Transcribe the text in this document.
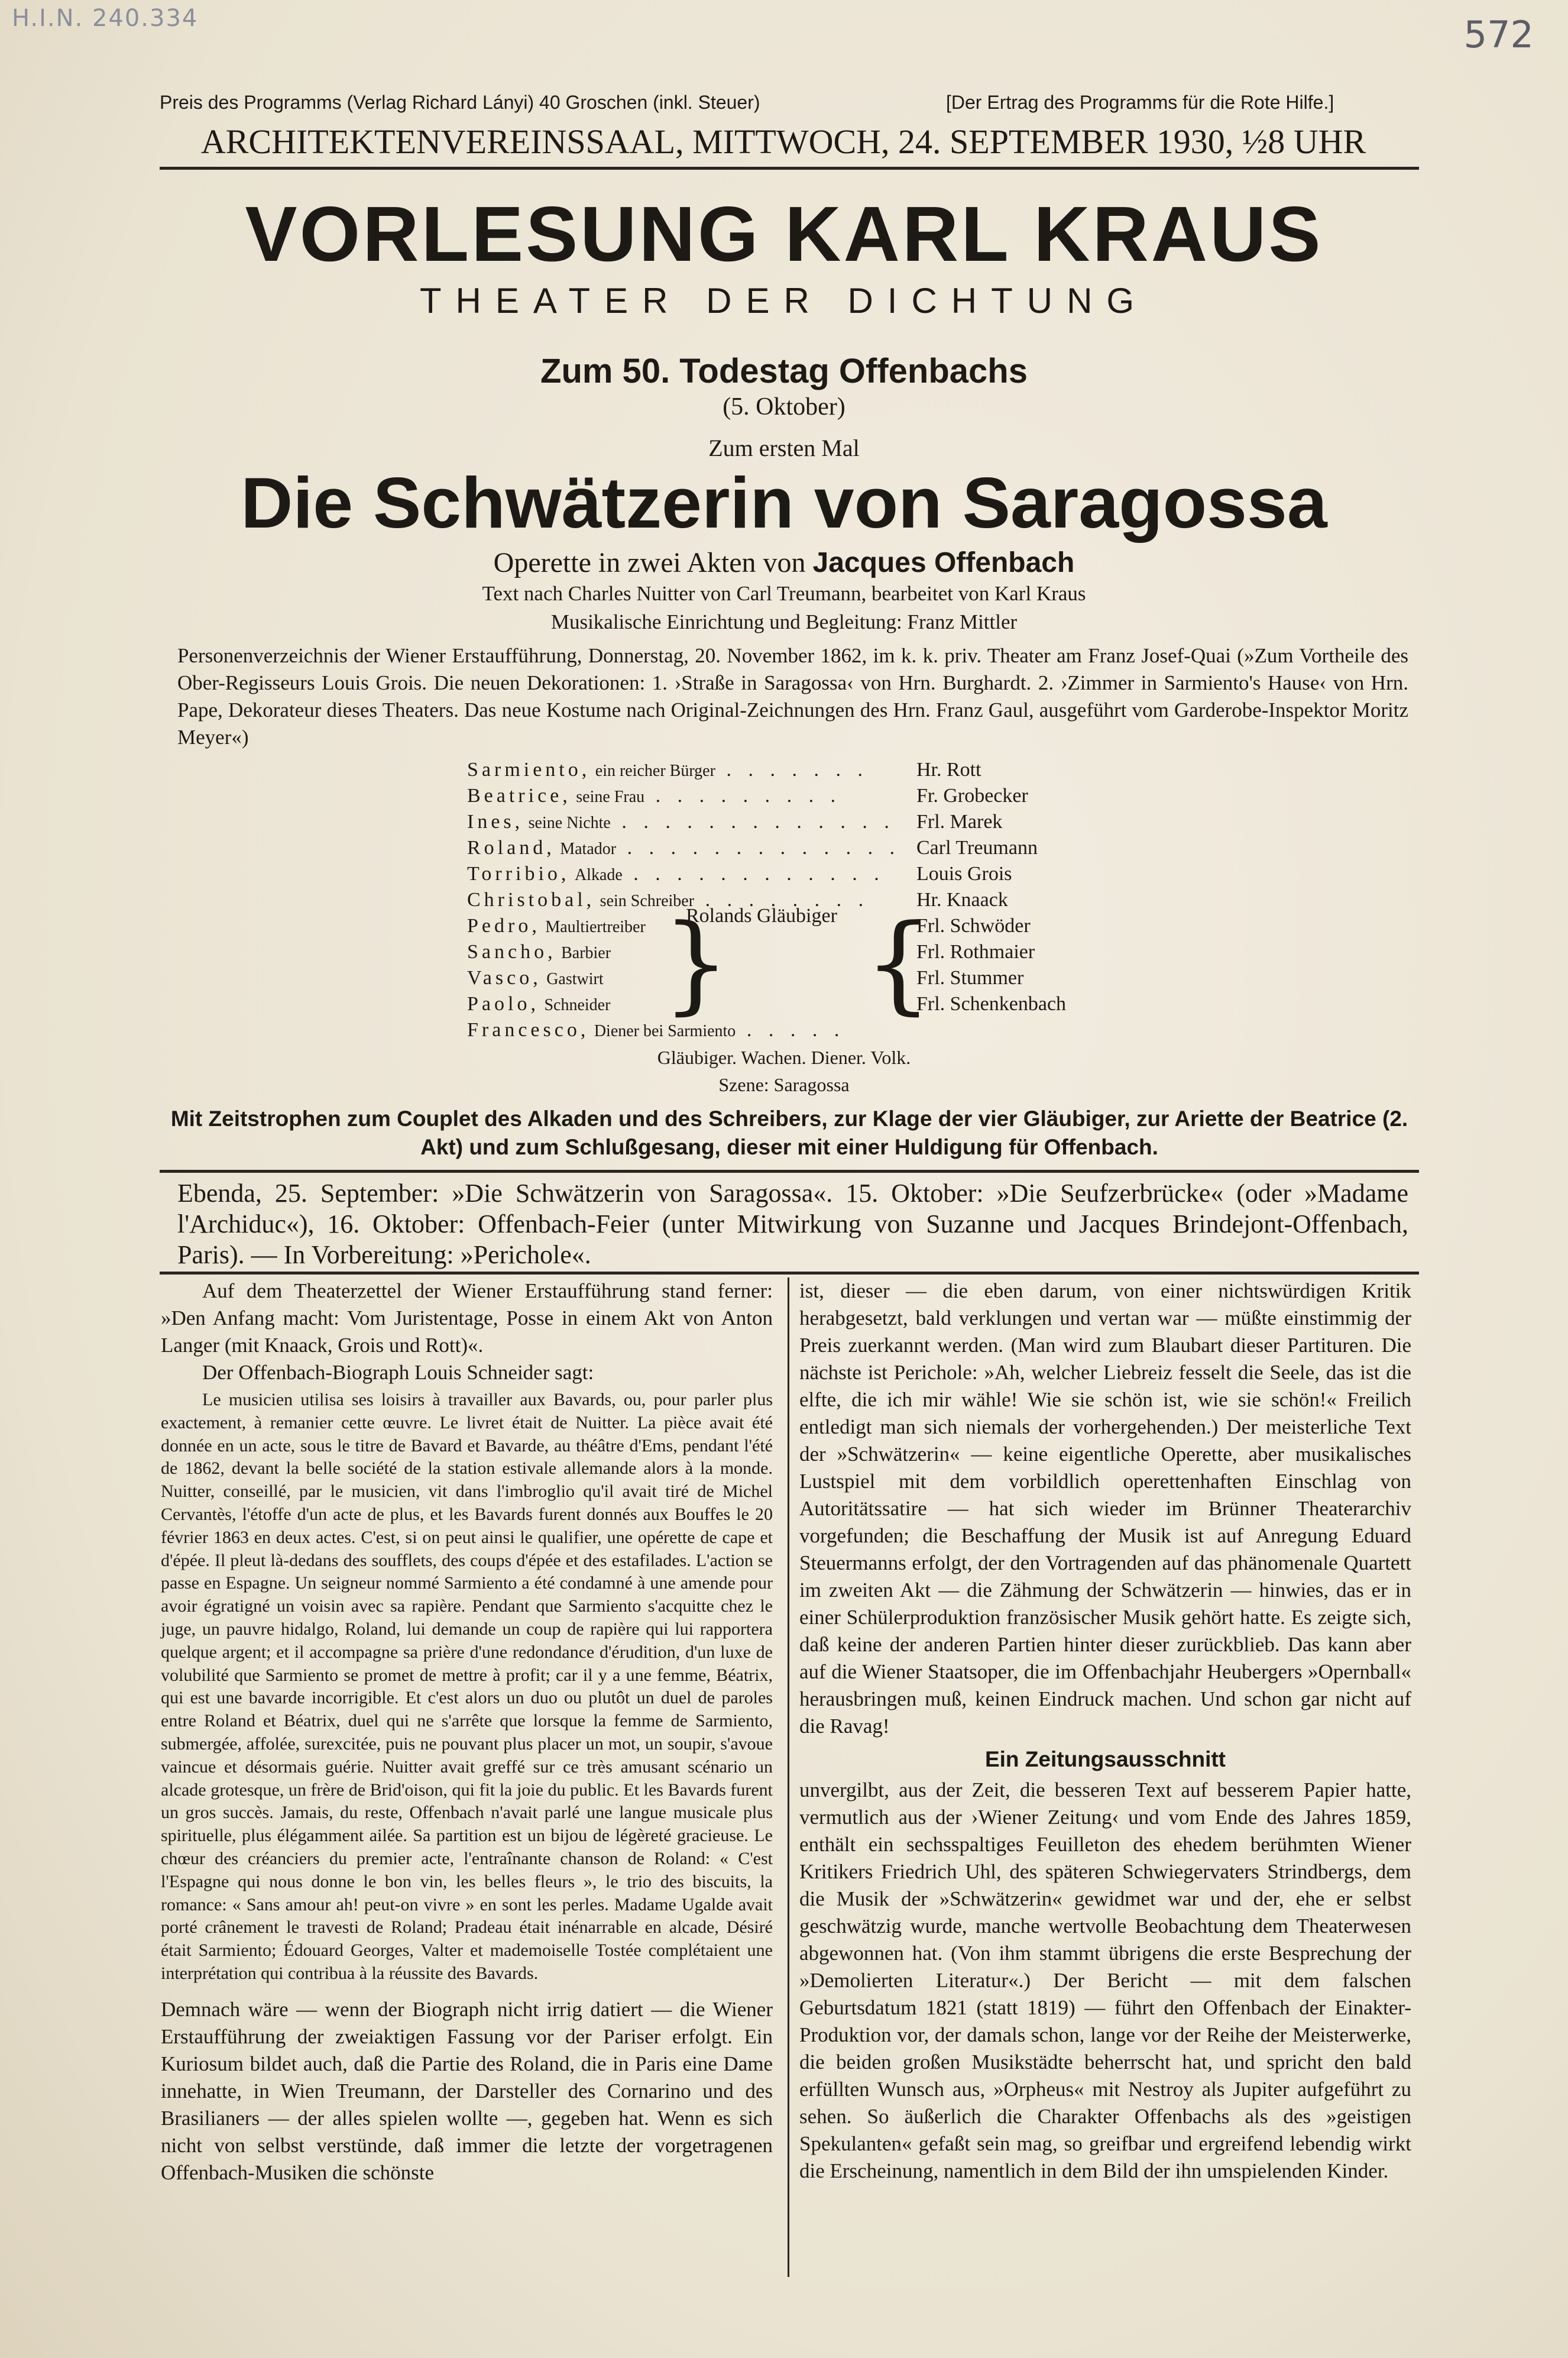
H.I.N. 240.334	572
Preis des Programms (Verlag Richard Lányi) 40 Groschen (inkl. Steuer)	[Der Ertrag des Programms für die Rote Hilfe.]
ARCHITEKTENVEREINSSAAL, MITTWOCH, 24. SEPTEMBER 1930, ½8 UHR
VORLESUNG KARL KRAUS
THEATER DER DICHTUNG
Zum 50. Todestag Offenbachs
(5. Oktober)
Zum ersten Mal
Die Schwätzerin von Saragossa
Operette in zwei Akten von Jacques Offenbach
Text nach Charles Nuitter von Carl Treumann, bearbeitet von Karl Kraus
Musikalische Einrichtung und Begleitung: Franz Mittler
Personenverzeichnis der Wiener Erstaufführung, Donnerstag, 20. November 1862, im k. k. priv. Theater am Franz Josef-Quai (»Zum Vortheile des Ober-Regisseurs Louis Grois. Die neuen Dekorationen: 1. ›Straße in Saragossa‹ von Hrn. Burghardt. 2. ›Zimmer in Sarmiento's Hause‹ von Hrn. Pape, Dekorateur dieses Theaters. Das neue Kostume nach Original-Zeichnungen des Hrn. Franz Gaul, ausgeführt vom Garderobe-Inspektor Moritz Meyer«)
Sarmiento, ein reicher Bürger . . . . . . . Hr. Rott
Beatrice, seine Frau . . . . . . . . .	Fr. Grobecker
Ines, seine Nichte . . . . . . . . . . . . . Frl. Marek
Roland, Matador . . . . . . . . . . . . . Carl Treumann
Torribio, Alkade . . . . . . . . . . . . Louis Grois
Christobal, sein Schreiber . . . . . . . . Hr. Knaack
Pedro, Maultiertreiber	Frl. Schwöder
Sancho, Barbier	Frl. Rothmaier
Vasco, Gastwirt	Frl. Stummer
Paolo, Schneider	Frl. Schenkenbach
Francesco, Diener bei Sarmiento . . . . .
Rolands Gläubiger
} {
Gläubiger. Wachen. Diener. Volk.
Szene: Saragossa
Mit Zeitstrophen zum Couplet des Alkaden und des Schreibers, zur Klage der vier Gläubiger, zur Ariette der Beatrice (2. Akt) und zum Schlußgesang, dieser mit einer Huldigung für Offenbach.
Ebenda, 25. September: »Die Schwätzerin von Saragossa«. 15. Oktober: »Die Seufzerbrücke« (oder »Madame l'Archiduc«), 16. Oktober: Offenbach-Feier (unter Mitwirkung von Suzanne und Jacques Brindejont-Offenbach, Paris). — In Vorbereitung: »Perichole«.

Auf dem Theaterzettel der Wiener Erstaufführung stand ferner: »Den Anfang macht: Vom Juristentage, Posse in einem Akt von Anton Langer (mit Knaack, Grois und Rott)«.

Der Offenbach-Biograph Louis Schneider sagt:

Le musicien utilisa ses loisirs à travailler aux Bavards, ou, pour parler plus exactement, à remanier cette œuvre. Le livret était de Nuitter. La pièce avait été donnée en un acte, sous le titre de Bavard et Bavarde, au théâtre d'Ems, pendant l'été de 1862, devant la belle société de la station estivale allemande alors à la monde. Nuitter, conseillé, par le musicien, vit dans l'imbroglio qu'il avait tiré de Michel Cervantès, l'étoffe d'un acte de plus, et les Bavards furent donnés aux Bouffes le 20 février 1863 en deux actes. C'est, si on peut ainsi le qualifier, une opérette de cape et d'épée. Il pleut là-dedans des soufflets, des coups d'épée et des estafilades. L'action se passe en Espagne. Un seigneur nommé Sarmiento a été condamné à une amende pour avoir égratigné un voisin avec sa rapière. Pendant que Sarmiento s'acquitte chez le juge, un pauvre hidalgo, Roland, lui demande un coup de rapière qui lui rapportera quelque argent; et il accompagne sa prière d'une redondance d'érudition, d'un luxe de volubilité que Sarmiento se promet de mettre à profit; car il y a une femme, Béatrix, qui est une bavarde incorrigible. Et c'est alors un duo ou plutôt un duel de paroles entre Roland et Béatrix, duel qui ne s'arrête que lorsque la femme de Sarmiento, submergée, affolée, surexcitée, puis ne pouvant plus placer un mot, un soupir, s'avoue vaincue et désormais guérie. Nuitter avait greffé sur ce très amusant scénario un alcade grotesque, un frère de Brid'oison, qui fit la joie du public. Et les Bavards furent un gros succès. Jamais, du reste, Offenbach n'avait parlé une langue musicale plus spirituelle, plus élégamment ailée. Sa partition est un bijou de légèreté gracieuse. Le chœur des créanciers du premier acte, l'entraînante chanson de Roland: « C'est l'Espagne qui nous donne le bon vin, les belles fleurs », le trio des biscuits, la romance: « Sans amour ah! peut-on vivre » en sont les perles. Madame Ugalde avait porté crânement le travesti de Roland; Pradeau était inénarrable en alcade, Désiré était Sarmiento; Édouard Georges, Valter et mademoiselle Tostée complétaient une interprétation qui contribua à la réussite des Bavards.

Demnach wäre — wenn der Biograph nicht irrig datiert — die Wiener Erstaufführung der zweiaktigen Fassung vor der Pariser erfolgt. Ein Kuriosum bildet auch, daß die Partie des Roland, die in Paris eine Dame innehatte, in Wien Treumann, der Darsteller des Cornarino und des Brasilianers — der alles spielen wollte —, gegeben hat. Wenn es sich nicht von selbst verstünde, daß immer die letzte der vorgetragenen Offenbach-Musiken die schönste

ist, dieser — die eben darum, von einer nichtswürdigen Kritik herabgesetzt, bald verklungen und vertan war — müßte einstimmig der Preis zuerkannt werden. (Man wird zum Blaubart dieser Partituren. Die nächste ist Perichole: »Ah, welcher Liebreiz fesselt die Seele, das ist die elfte, die ich mir wähle! Wie sie schön ist, wie sie schön!« Freilich entledigt man sich niemals der vorhergehenden.) Der meisterliche Text der »Schwätzerin« — keine eigentliche Operette, aber musikalisches Lustspiel mit dem vorbildlich operettenhaften Einschlag von Autoritätssatire — hat sich wieder im Brünner Theaterarchiv vorgefunden; die Beschaffung der Musik ist auf Anregung Eduard Steuermanns erfolgt, der den Vortragenden auf das phänomenale Quartett im zweiten Akt — die Zähmung der Schwätzerin — hinwies, das er in einer Schülerproduktion französischer Musik gehört hatte. Es zeigte sich, daß keine der anderen Partien hinter dieser zurückblieb. Das kann aber auf die Wiener Staatsoper, die im Offenbachjahr Heubergers »Opernball« herausbringen muß, keinen Eindruck machen. Und schon gar nicht auf die Ravag!

Ein Zeitungsausschnitt

unvergilbt, aus der Zeit, die besseren Text auf besserem Papier hatte, vermutlich aus der ›Wiener Zeitung‹ und vom Ende des Jahres 1859, enthält ein sechsspaltiges Feuilleton des ehedem berühmten Wiener Kritikers Friedrich Uhl, des späteren Schwiegervaters Strindbergs, dem die Musik der »Schwätzerin« gewidmet war und der, ehe er selbst geschwätzig wurde, manche wertvolle Beobachtung dem Theaterwesen abgewonnen hat. (Von ihm stammt übrigens die erste Besprechung der »Demolierten Literatur«.) Der Bericht — mit dem falschen Geburtsdatum 1821 (statt 1819) — führt den Offenbach der Einakter-Produktion vor, der damals schon, lange vor der Reihe der Meisterwerke, die beiden großen Musikstädte beherrscht hat, und spricht den bald erfüllten Wunsch aus, »Orpheus« mit Nestroy als Jupiter aufgeführt zu sehen. So äußerlich die Charakter Offenbachs als des »geistigen Spekulanten« gefaßt sein mag, so greifbar und ergreifend lebendig wirkt die Erscheinung, namentlich in dem Bild der ihn umspielenden Kinder.
